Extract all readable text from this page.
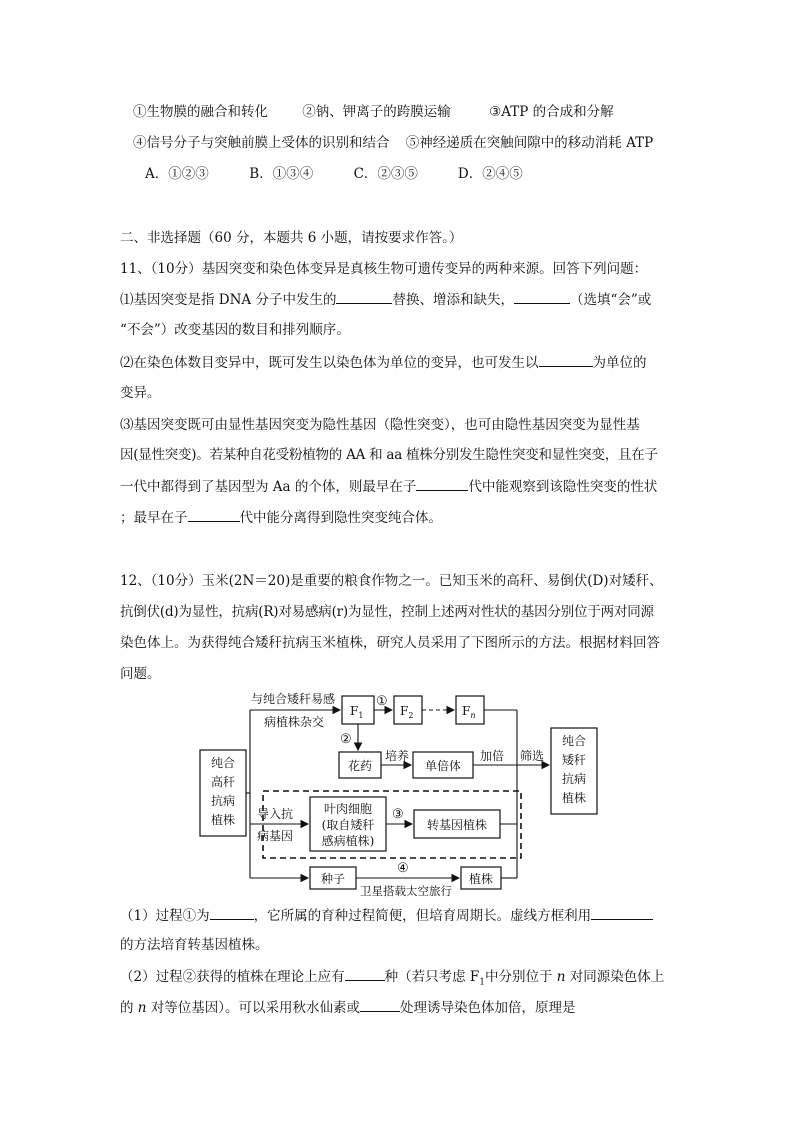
①生物膜的融合和转化	②钠、钾离子的跨膜运输	③ATP 的合成和分解
④信号分子与突触前膜上受体的识别和结合 ⑤神经递质在突触间隙中的移动消耗 ATP
A．①②③	B．①③④	C．②③⑤	D．②④⑤
二、非选择题（60 分，本题共 6 小题，请按要求作答。）
11、（10分）基因突变和染色体变异是真核生物可遗传变异的两种来源。回答下列问题：
⑴基因突变是指 DNA 分子中发生的	替换、增添和缺失，	（选填“会”或
“不会”）改变基因的数目和排列顺序。
⑵在染色体数目变异中，既可发生以染色体为单位的变异，也可发生以	为单位的
变异。
⑶基因突变既可由显性基因突变为隐性基因（隐性突变），也可由隐性基因突变为显性基
因(显性突变)。若某种自花受粉植物的 AA 和 aa 植株分别发生隐性突变和显性突变，且在子
一代中都得到了基因型为 Aa 的个体，则最早在子	代中能观察到该隐性突变的性状
；最早在子	代中能分离得到隐性突变纯合体。
12、（10分）玉米(2N＝20)是重要的粮食作物之一。已知玉米的高秆、易倒伏(D)对矮秆、
抗倒伏(d)为显性，抗病(R)对易感病(r)为显性，控制上述两对性状的基因分别位于两对同源
染色体上。为获得纯合矮秆抗病玉米植株，研究人员采用了下图所示的方法。根据材料回答
问题。
纯合
高秆
抗病
植株
与纯合矮秆易感
病植株杂交
$F_1$	$F_2$	$F_n$
①
②
③
④
花药
培养
单倍体
加倍 筛选
纯合
矮秆
抗病
植株
导入抗
病基因
叶肉细胞
(取自矮秆
感病植株)
转基因植株
种子
卫星搭载太空旅行
植株
（1）过程①为	，它所属的育种过程简便，但培育周期长。虚线方框利用
的方法培育转基因植株。
（2）过程②获得的植株在理论上应有	种（若只考虑 $F_1$中分别位于 n 对同源染色体上
的 n 对等位基因）。可以采用秋水仙素或	处理诱导染色体加倍，原理是
